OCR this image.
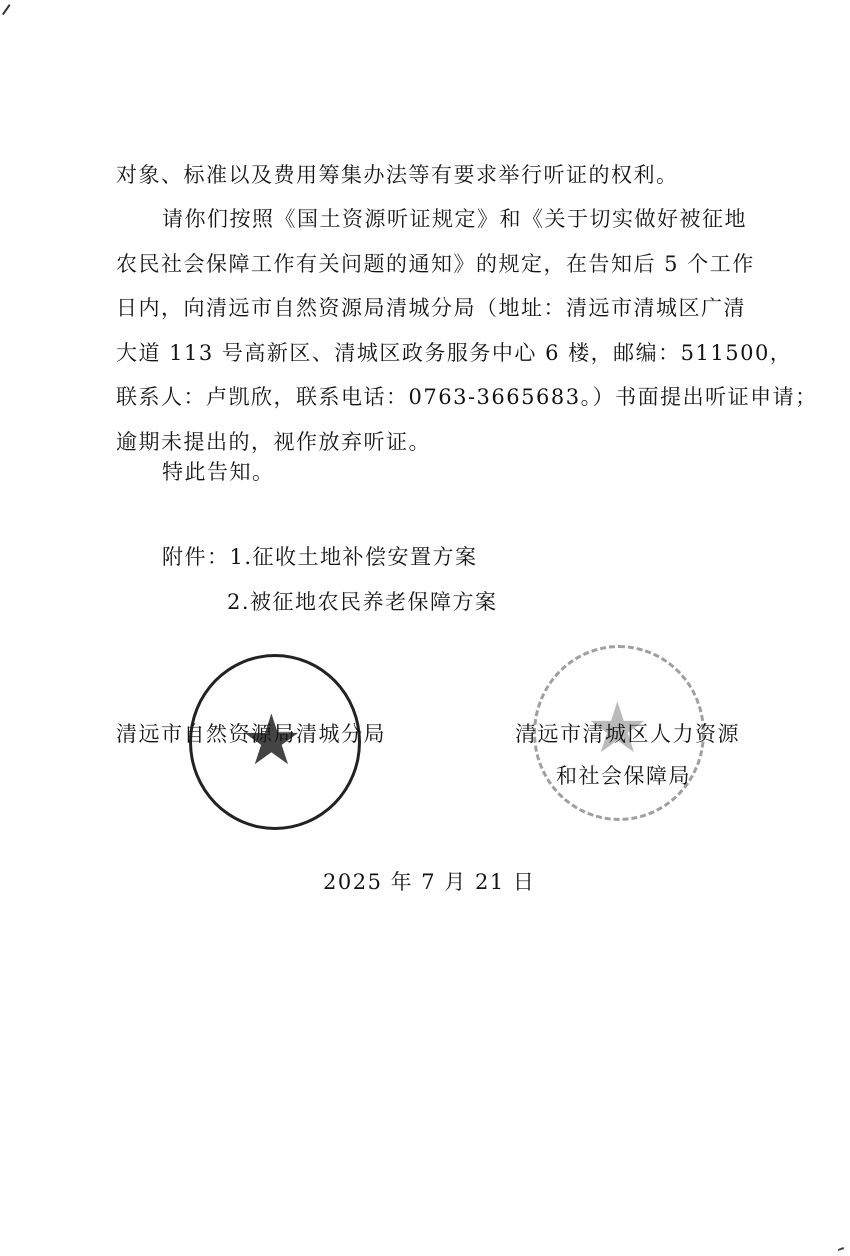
对象、标准以及费用筹集办法等有要求举行听证的权利。
请你们按照《国土资源听证规定》和《关于切实做好被征地
农民社会保障工作有关问题的通知》的规定，在告知后 5 个工作
日内，向清远市自然资源局清城分局（地址：清远市清城区广清
大道 113 号高新区、清城区政务服务中心 6 楼，邮编：511500，
联系人：卢凯欣，联系电话：0763-3665683。）书面提出听证申请；
逾期未提出的，视作放弃听证。
特此告知。
附件：1.征收土地补偿安置方案
2.被征地农民养老保障方案
★	★
清远市自然资源局清城分局	清远市清城区人力资源
和社会保障局
2025 年 7 月 21 日
